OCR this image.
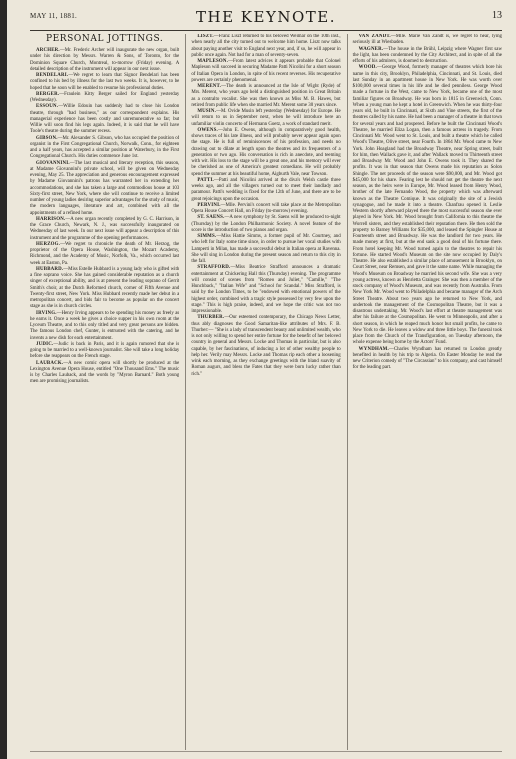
MAY 11, 1881.	THE KEYNOTE.	13
PERSONAL JOTTINGS.

ARCHER.—Mr. Frederic Archer will inaugurate the new organ, built under his direction by Messrs. Warren & Sons, of Toronto, for the Dominion Square Church, Montreal, to-morrow (Friday) evening. A detailed description of the instrument will appear in our next issue.

BENDELARI.—We regret to learn that Signor Bendelari has been confined to his bed by illness for the last two weeks. It is, however, to be hoped that he soon will be enabled to resume his professional duties.

BERGER.—Fraulein Kitty Berger sailed for England yesterday (Wednesday).

ESSOUN.—Willie Edouin has suddenly had to close his London theatre, through "bad business," as our correspondent explains. His managerial experience has been costly and unremunerative so far; but Willie will soon find his legs again. Indeed, it is said that he will have Toole's theatre during the summer recess.

GIBSON.—Mr. Alexander S. Gibson, who has occupied the position of organist in the First Congregational Church, Norwalk, Conn., for eighteen and a half years, has accepted a similar position at Waterbury, in the First Congregational Church. His duties commence June 1st.

GIOVANNINI.—The last musical and literary reception, this season, at Madame Giovannini's private school, will be given on Wednesday evening, May 25. The appreciation and generous encouragement expressed by Madame Giovannini's patrons has warranted her in extending her accommodations, and she has taken a large and commodious house at 103 Sixty-first street, New York, where she will continue to receive a limited number of young ladies desiring superior advantages for the study of music, the modern languages, literature and art, combined with all the appointments of a refined home.

HARRISON.—A new organ recently completed by G. C. Harrison, in the Grace Church, Newark, N. J., was successfully inaugurated on Wednesday of last week. In our next issue will appear a description of this instrument and the programme of the opening performances.

HERZOG.—We regret to chronicle the death of Mr. Herzog, the proprietor of the Opera House, Washington, the Mozart Academy, Richmond, and the Academy of Music, Norfolk, Va., which occurred last week at Easton, Pa.

HUBBARD.—Miss Estelle Hubbard is a young lady who is gifted with a fine soprano voice. She has gained considerable reputation as a church singer of exceptional ability, and is at present the leading soprano of Gerrit Smith's choir, at the Dutch Reformed church, corner of Fifth Avenue and Twenty-first street, New York. Miss Hubbard recently made her debut in a metropolitan concert, and bids fair to become as popular on the concert stage as she is in church circles.

IRVING.—Henry Irving appears to be spending his money as freely as he earns it. Once a week he gives a choice supper in his own room at the Lyceum Theatre, and to this only titled and very great persons are bidden. The famous London chef, Gunter, is entrusted with the catering, and he invents a new dish for each entertainment.

JUDIC.—Judic is back in Paris, and it is again rumored that she is going to be married to a well-known journalist. She will take a long holiday before she reappears on the French stage.

LAUBACK.—A new comic opera will shortly be produced at the Lexington Avenue Opera House, entitled "One Thousand Ems." The music is by Charles Lauback, and the words by "Myron Barnard." Both young men are promising journalists.

LISZT.—Franz Liszt returned to his beloved Weimar on the 10th inst., when nearly all the city turned out to welcome him home. Liszt now talks about paying another visit to England next year, and, if so, he will appear in public once again. Not bad for a man of seventy-seven.

MAPLESON.—From latest advices it appears probable that Colonel Mapleson will succeed in securing Madame Patti Nicolini for a short season of Italian Opera in London, in spite of his recent reverses. His recuperative powers are certainly phenomenal.

MERENT.—The death is announced at the Isle of Wight (Ryde) of Mrs. Merent, who years ago held a distinguished position in Great Britain as a contralto vocalist. She was then known as Miss M. B. Hawes, but retired from public life when she married Mr. Merent some 30 years since.

MUSIN.—M. Ovide Musin left yesterday (Wednesday) for Europe. He will return to us in September next, when he will introduce here an unfamiliar violin concerto of Hermann Goetz, a work of standard merit.

OWENS.—John E. Owens, although in comparatively good health, shows traces of his late illness, and will probably never appear again upon the stage. He is full of reminiscences of his profession, and needs no drawing out to dilate at length upon the theatres and its frequenters of a generation or two ago. His conversation is rich in anecdote, and teeming with wit. His loss to the stage will be a great one, and his memory will ever be cherished as one of America's greatest comedians. He will probably spend the summer at his beautiful home, Aigburth Vale, near Towson.

PATTI.—Patti and Nicolini arrived at the diva's Welsh castle three weeks ago, and all the villagers turned out to meet their landlady and paramour. Patti's wedding is fixed for the 12th of June, and there are to be great rejoicings upon the occasion.

PERVINI.—Mlle. Pervini's concert will take place at the Metropolitan Opera House Concert Hall, on Friday (to-morrow) evening.

ST. SAENS.—A new symphony by St. Saens will be produced to-night (Thursday) by the London Philharmonic Society. A novel feature of the score is the introduction of two pianos and organ.

SIMMS.—Miss Hattie Simms, a former pupil of Mr. Courtney, and who left for Italy some time since, in order to pursue her vocal studies with Lamperti in Milan, has made a successful debut in Italian opera at Ravenna. She will sing in London during the present season and return to this city in the fall.

STRAFFORD.—Miss Beatrice Strafford announces a dramatic entertainment at Chickering Hall this (Thursday) evening. The programme will consist of scenes from "Romeo and Juliet," "Camille," "The Hunchback," "Italian Wife" and "School for Scandal." Miss Strafford, is said by the London Times, to be "endowed with emotional powers of the highest order, combined with a tragic style possessed by very few upon the stage." This is high praise, indeed, and we hope the critic was not too impressionable.

THURBER.—Our esteemed contemporary, the Chicago News Letter, thus ably diagnoses the Good Samaritan-like attributes of Mrs. F. B. Thurber:— "She is a lady of transcendent beauty and unlimited wealth, who is not only willing to spend her entire fortune for the benefit of her beloved country in general and Messrs. Locke and Thomas in particular, but is also capable, by her fascinations, of inducing a lot of other wealthy people to help her. Verily may Messrs. Locke and Thomas rip each other a loosening wink each morning, as they exchange greetings with the bland suavity of Roman augurs, and bless the Fates that they were born lucky rather than rich."

VAN ZANDT.—Mlle. Marie Van Zandt is, we regret to hear, lying seriously ill at Wiesbaden.

WAGNER.—The house in the Brühl, Leipzig where Wagner first saw the light, has been condemned by the City Architect, and in spite of all the efforts of his admirers, is doomed to destruction.

WOOD.—George Wood, formerly manager of theatres which bore his name in this city, Brooklyn, Philadelphia, Cincinnati, and St. Louis, died last Sunday in an apartment house in New York. He was worth over $100,000 several times in his life and he died penniless. George Wood made a fortune in the West, came to New York, became one of the most familiar figures on Broadway. He was born in 1815 in Greenwich, Conn. When a young man he kept a hotel in Greenwich. When he was thirty-four years old, he built in Cincinnati, at Sixth and Vine streets, the first of the theatres called by his name. He had been a manager of a theatre in that town for several years and had prospered. Before he built the Cincinnati Wood's Theatre, he married Eliza Logan, then a famous actress in tragedy. From Cincinnati Mr. Wood went to St. Louis, and built a theatre which he called Wood's Theatre, Olive street, near Fourth. In 1864 Mr. Wood came to New York. John Hoagland had the Broadway Theatre, near Spring street, built for him, then Wallack gave it, and after Wallack moved to Thirteenth street and Broadway Mr. Wood and John E. Owens took it. They shared the profits. It was in that season that Owens made his reputation as Solon Shingle. The net proceeds of the season were $90,000, and Mr. Wood got $45,000 for his share. Fearing lest he should not get the theatre the next season, as the heirs were in Europe, Mr. Wood leased from Henry Wood, brother of the late Fernando Wood, the property which was afterward known as the Theatre Comique. It was originally the site of a Jewish synagogue, and he made it into a theatre. Chanfrau opened it. Leslie Western shortly afterward played there the most successful season she ever played in New York. Mr. Wood brought from California to this theatre the Worrell sisters, and they established their reputation there. He then sold the property to Barney Williams for $35,000, and leased the Spingler House at Fourteenth street and Broadway. He was the landlord for two years. He made money at first, but at the end sank a good deal of his fortune there. From hotel keeping Mr. Wood turned again to the theatres to repair his fortune. He started Wood's Museum on the site now occupied by Daly's Theatre. He also established a similar place of amusement in Brooklyn, on Court Street, near Remsen, and gave it the same name. While managing the Wood's Museum on Broadway he married his second wife. She was a very young actress, known as Henrietta Grainger. She was then a member of the stock company of Wood's Museum, and was recently from Australia. From New York Mr. Wood went to Philadelphia and became manager of the Arch Street Theatre. About two years ago he returned to New York, and undertook the management of the Cosmopolitan Theatre, but it was a disastrous undertaking. Mr. Wood's last effort at theatre management was after his failure at the Cosmopolitan. He went to Minneapolis, and after a short season, in which he reaped much honor but small profits, he came to New York to die. He leaves a widow and three little boys. The funeral took place from the Church of the Transfiguration, on Tuesday afternoon, the whole expense being borne by the Actors' Fund.

WYNDHAM.—Charles Wyndham has returned to London greatly benefited in health by his trip to Algeria. On Easter Monday he read the new Criterion comedy of "The Circassian" to his company, and cast himself for the leading part.
